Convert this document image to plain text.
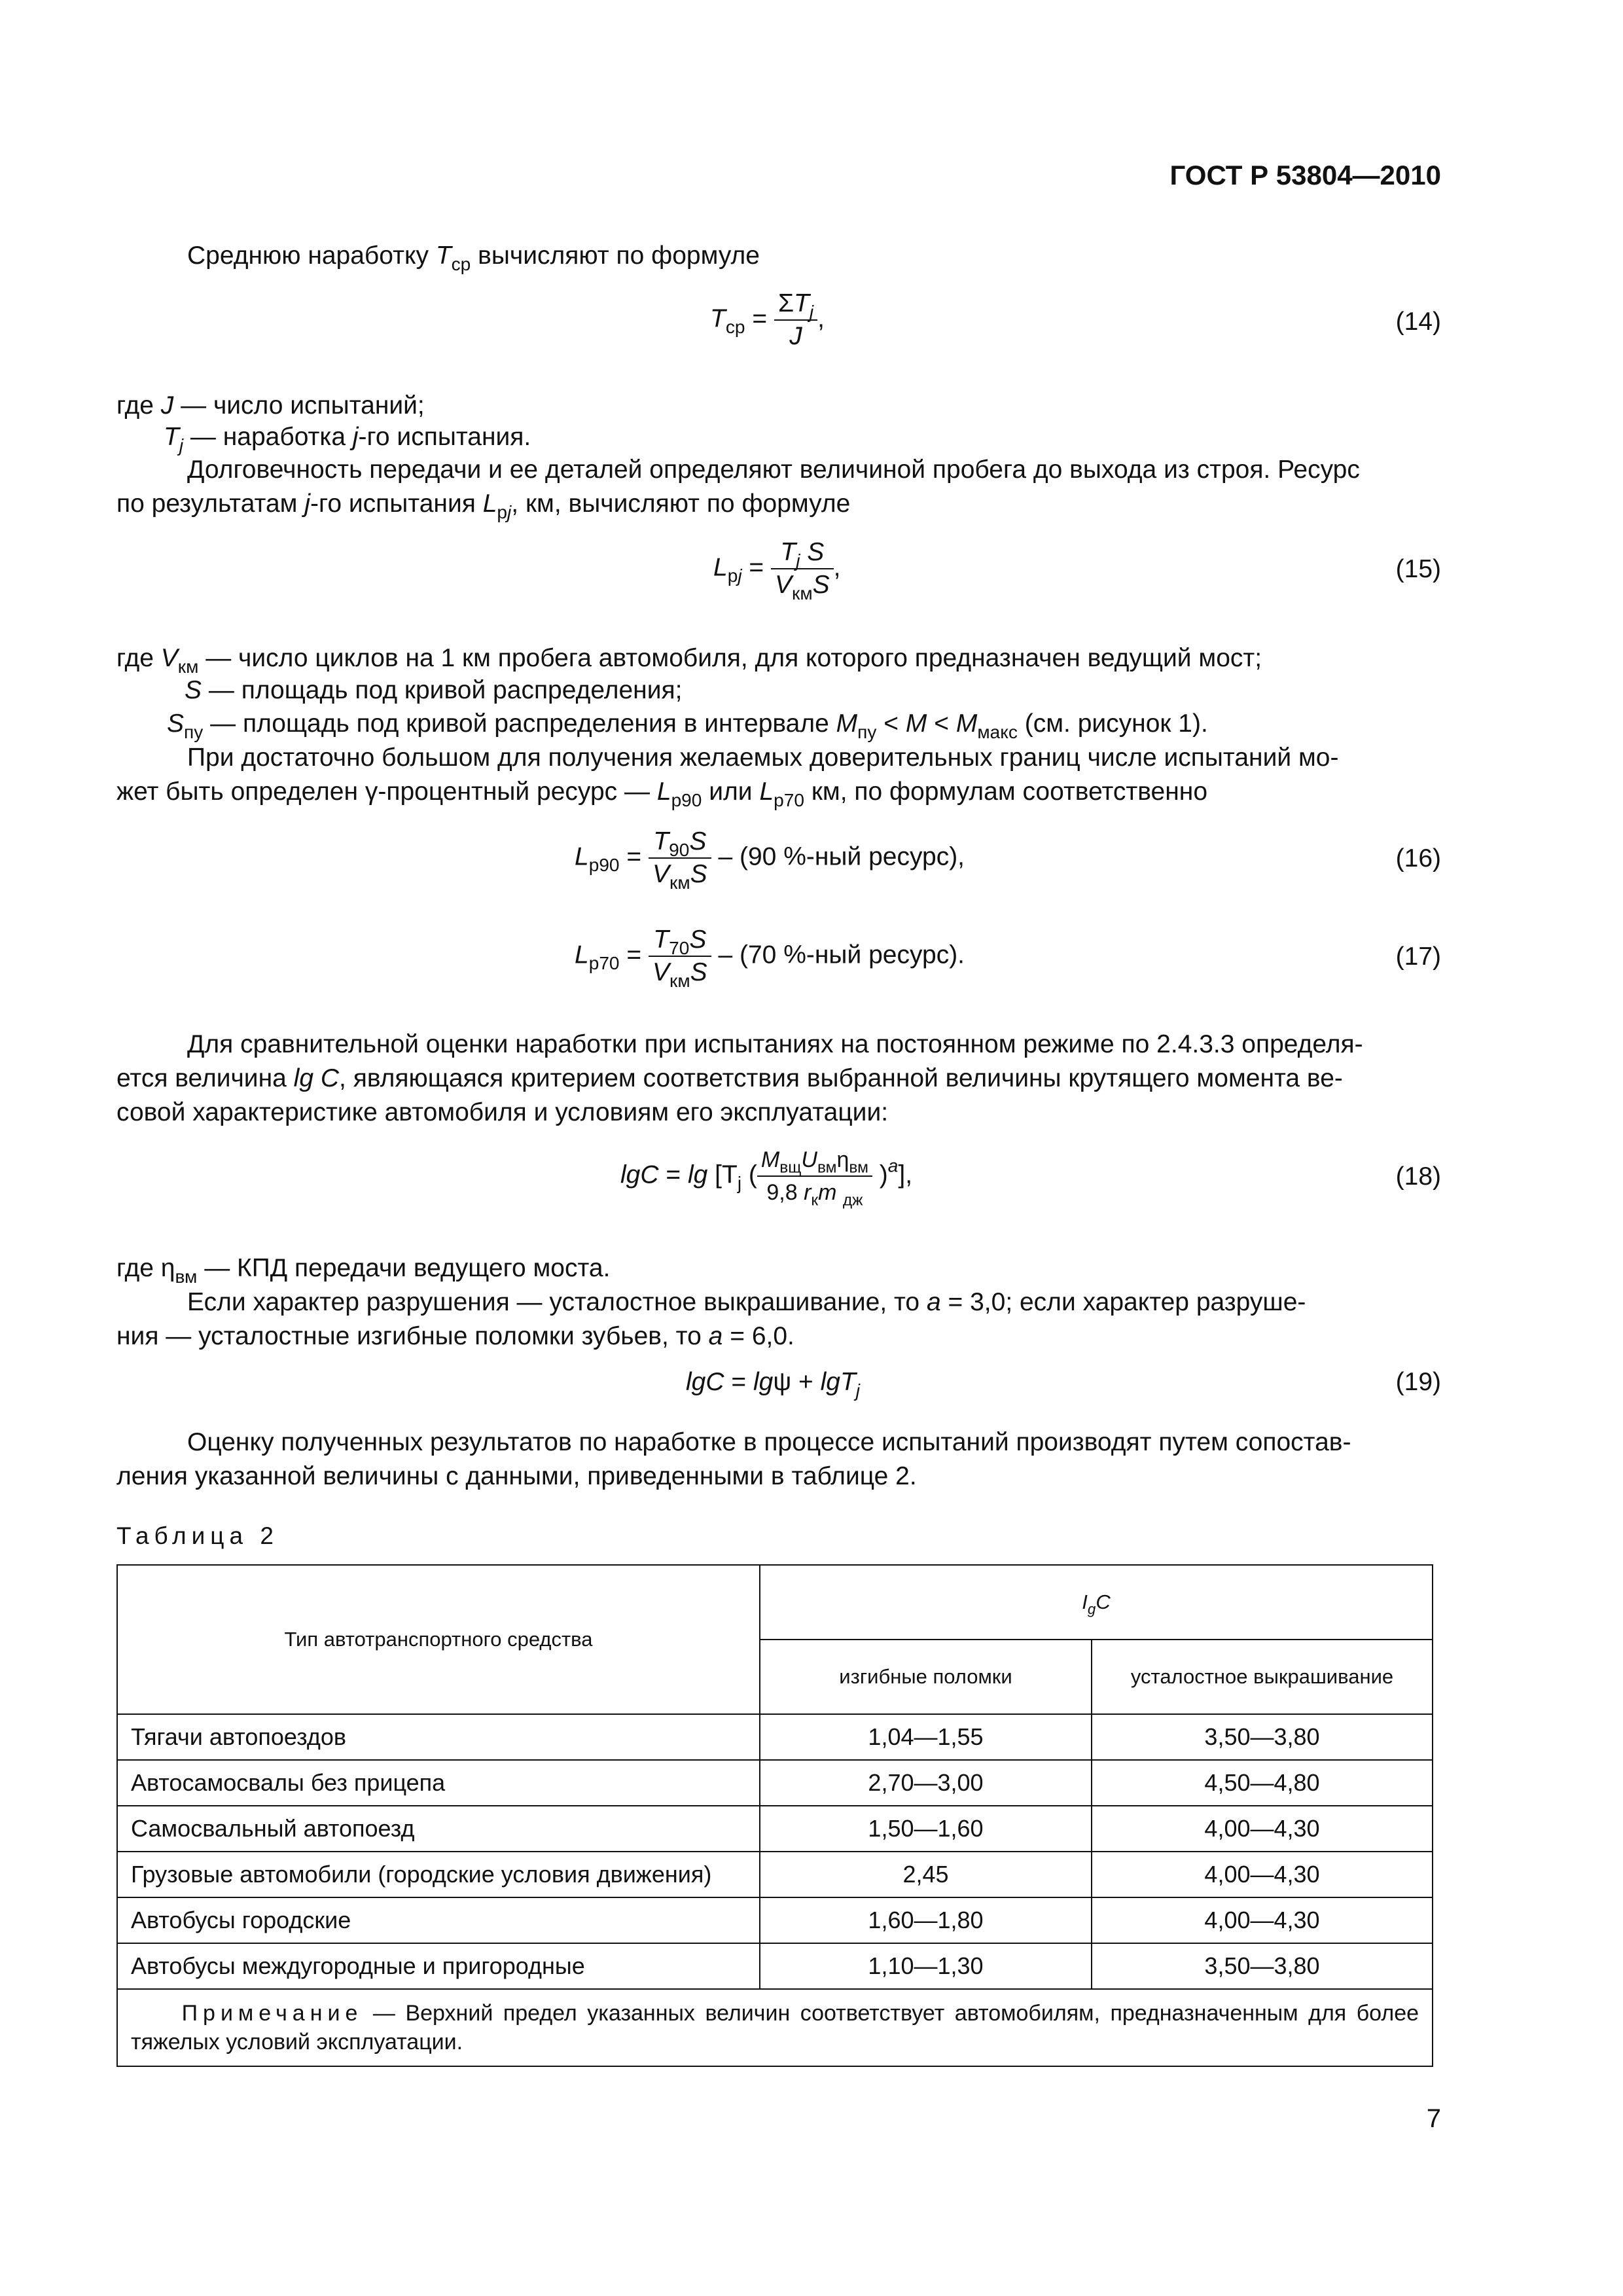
ГОСТ Р 53804—2010
Среднюю наработку $T_{ср}$ вычисляют по формуле
$T_{ср} = \frac{\Sigma T_j}{J}$ ,	(14)
где J — число испытаний;
$T_j$ — наработка j-го испытания.
Долговечность передачи и ее деталей определяют величиной пробега до выхода из строя. Ресурс
по результатам j-го испытания $L_{рj}$, км, вычисляют по формуле
$L_{рj} = \frac{T_j S}{V_{км}S}$ ,	(15)
где $V_{км}$ — число циклов на 1 км пробега автомобиля, для которого предназначен ведущий мост;
S — площадь под кривой распределения;
$S_{пу}$ — площадь под кривой распределения в интервале $M_{пу} < M < M_{макс}$ (см. рисунок 1).
При достаточно большом для получения желаемых доверительных границ числе испытаний мо-
жет быть определен γ-процентный ресурс — $L_{р90}$ или $L_{р70}$ км, по формулам соответственно
$L_{р90} = \frac{T_{90}S}{V_{км}S} - (90$ %-ный ресурс),	(16)
$L_{р70} = \frac{T_{70}S}{V_{км}S} - (70$ %-ный ресурс).	(17)
Для сравнительной оценки наработки при испытаниях на постоянном режиме по 2.4.3.3 определя-
ется величина lg C, являющаяся критерием соответствия выбранной величины крутящего момента ве-
совой характеристике автомобиля и условиям его эксплуатации:
$\lg C = \lg [T_j$ ( $\frac{M_{вщ}U_{вм}\eta_{вм}}{9,8 r_кm _{дж}} )^a$],	(18)
где $\eta_{вм}$ — КПД передачи ведущего моста.
Если характер разрушения — усталостное выкрашивание, то a = 3,0; если характер разруше-
ния — усталостные изгибные поломки зубьев, то a = 6,0.
lgC = lgψ + lgT$_j$	(19)
Оценку полученных результатов по наработке в процессе испытаний производят путем сопостав-
ления указанной величины с данными, приведенными в таблице 2.
Таблица 2
Тип автотранспортного средства	$I_gC$	
	изгибные поломки	усталостное выкрашивание
Тягачи автопоездов	1,04—1,55	3,50—3,80
Автосамосвалы без прицепа	2,70—3,00	4,50—4,80
Самосвальный автопоезд	1,50—1,60	4,00—4,30
Грузовые автомобили (городские условия движения)	2,45	4,00—4,30
Автобусы городские	1,60—1,80	4,00—4,30
Автобусы междугородные и пригородные	1,10—1,30	3,50—3,80
Примечание — Верхний предел указанных величин соответствует автомобилям, предназначенным для более тяжелых условий эксплуатации.		
7
